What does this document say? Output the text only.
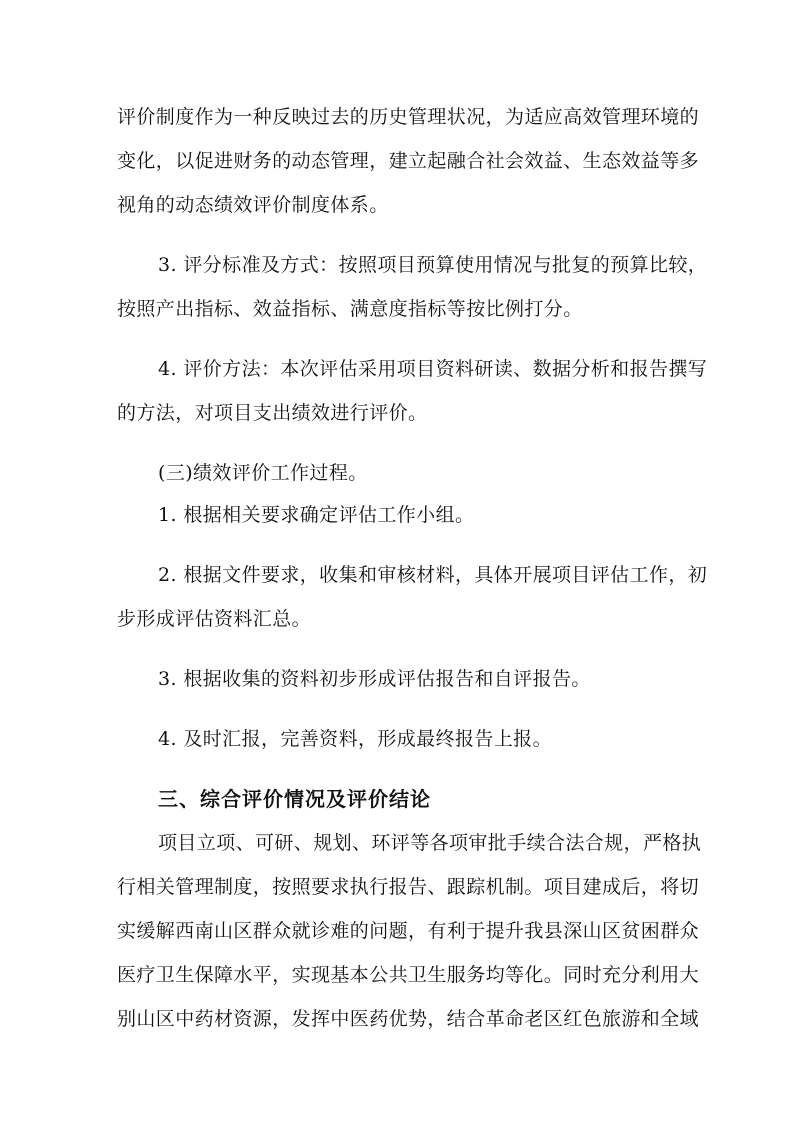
评价制度作为一种反映过去的历史管理状况，为适应高效管理环境的
变化，以促进财务的动态管理，建立起融合社会效益、生态效益等多
视角的动态绩效评价制度体系。
3. 评分标准及方式：按照项目预算使用情况与批复的预算比较，
按照产出指标、效益指标、满意度指标等按比例打分。
4. 评价方法：本次评估采用项目资料研读、数据分析和报告撰写
的方法，对项目支出绩效进行评价。
(三)绩效评价工作过程。
1. 根据相关要求确定评估工作小组。
2. 根据文件要求，收集和审核材料，具体开展项目评估工作，初
步形成评估资料汇总。
3. 根据收集的资料初步形成评估报告和自评报告。
4. 及时汇报，完善资料，形成最终报告上报。
三、综合评价情况及评价结论
项目立项、可研、规划、环评等各项审批手续合法合规，严格执
行相关管理制度，按照要求执行报告、跟踪机制。项目建成后，将切
实缓解西南山区群众就诊难的问题，有利于提升我县深山区贫困群众
医疗卫生保障水平，实现基本公共卫生服务均等化。同时充分利用大
别山区中药材资源，发挥中医药优势，结合革命老区红色旅游和全域
